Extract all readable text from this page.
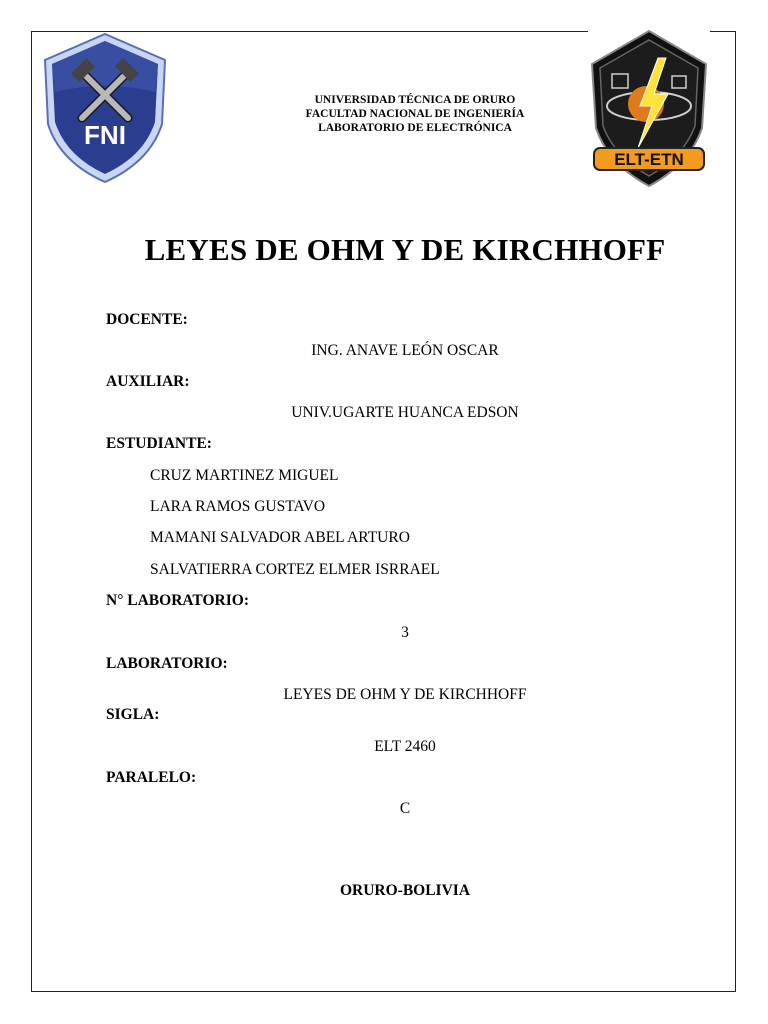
FNI
ELT-ETN
UNIVERSIDAD TÉCNICA DE ORURO
FACULTAD NACIONAL DE INGENIERÍA
LABORATORIO DE ELECTRÓNICA
LEYES DE OHM Y DE KIRCHHOFF
DOCENTE:
ING. ANAVE LEÓN OSCAR
AUXILIAR:
UNIV.UGARTE HUANCA EDSON
ESTUDIANTE:
CRUZ MARTINEZ MIGUEL
LARA RAMOS GUSTAVO
MAMANI SALVADOR ABEL ARTURO
SALVATIERRA CORTEZ ELMER ISRRAEL
N° LABORATORIO:
3
LABORATORIO:
LEYES DE OHM Y DE KIRCHHOFF
SIGLA:
ELT 2460
PARALELO:
C
ORURO-BOLIVIA
